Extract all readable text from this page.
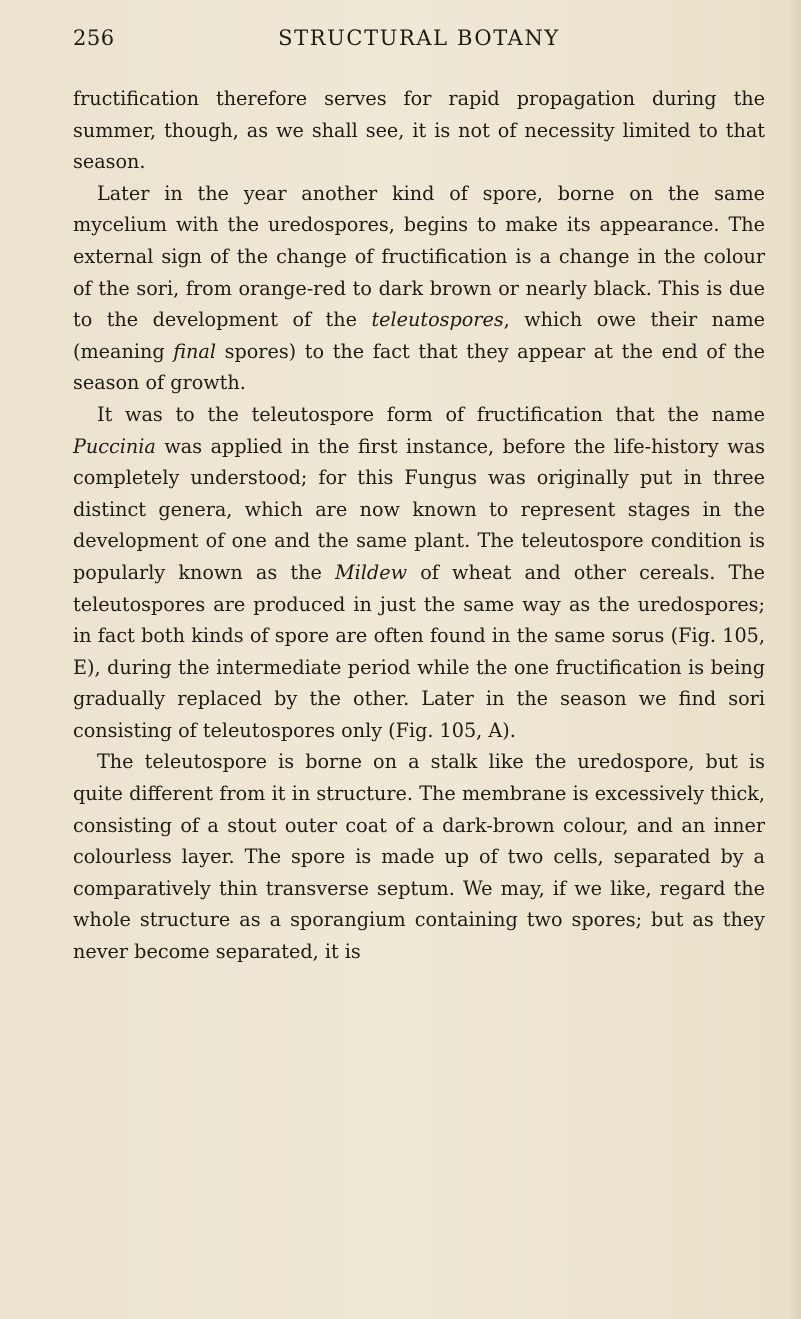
256	STRUCTURAL BOTANY

fructification therefore serves for rapid propagation during the summer, though, as we shall see, it is not of necessity limited to that season.

Later in the year another kind of spore, borne on the same mycelium with the uredospores, begins to make its appearance. The external sign of the change of fructification is a change in the colour of the sori, from orange-red to dark brown or nearly black. This is due to the development of the teleutospores, which owe their name (meaning final spores) to the fact that they appear at the end of the season of growth.

It was to the teleutospore form of fructification that the name Puccinia was applied in the first instance, before the life-history was completely understood; for this Fungus was originally put in three distinct genera, which are now known to represent stages in the development of one and the same plant. The teleutospore condition is popularly known as the Mildew of wheat and other cereals. The teleutospores are produced in just the same way as the uredospores; in fact both kinds of spore are often found in the same sorus (Fig. 105, E), during the intermediate period while the one fructification is being gradually replaced by the other. Later in the season we find sori consisting of teleutospores only (Fig. 105, A).

The teleutospore is borne on a stalk like the uredospore, but is quite different from it in structure. The membrane is excessively thick, consisting of a stout outer coat of a dark-brown colour, and an inner colourless layer. The spore is made up of two cells, separated by a comparatively thin transverse septum. We may, if we like, regard the whole structure as a sporangium containing two spores; but as they never become separated, it is
